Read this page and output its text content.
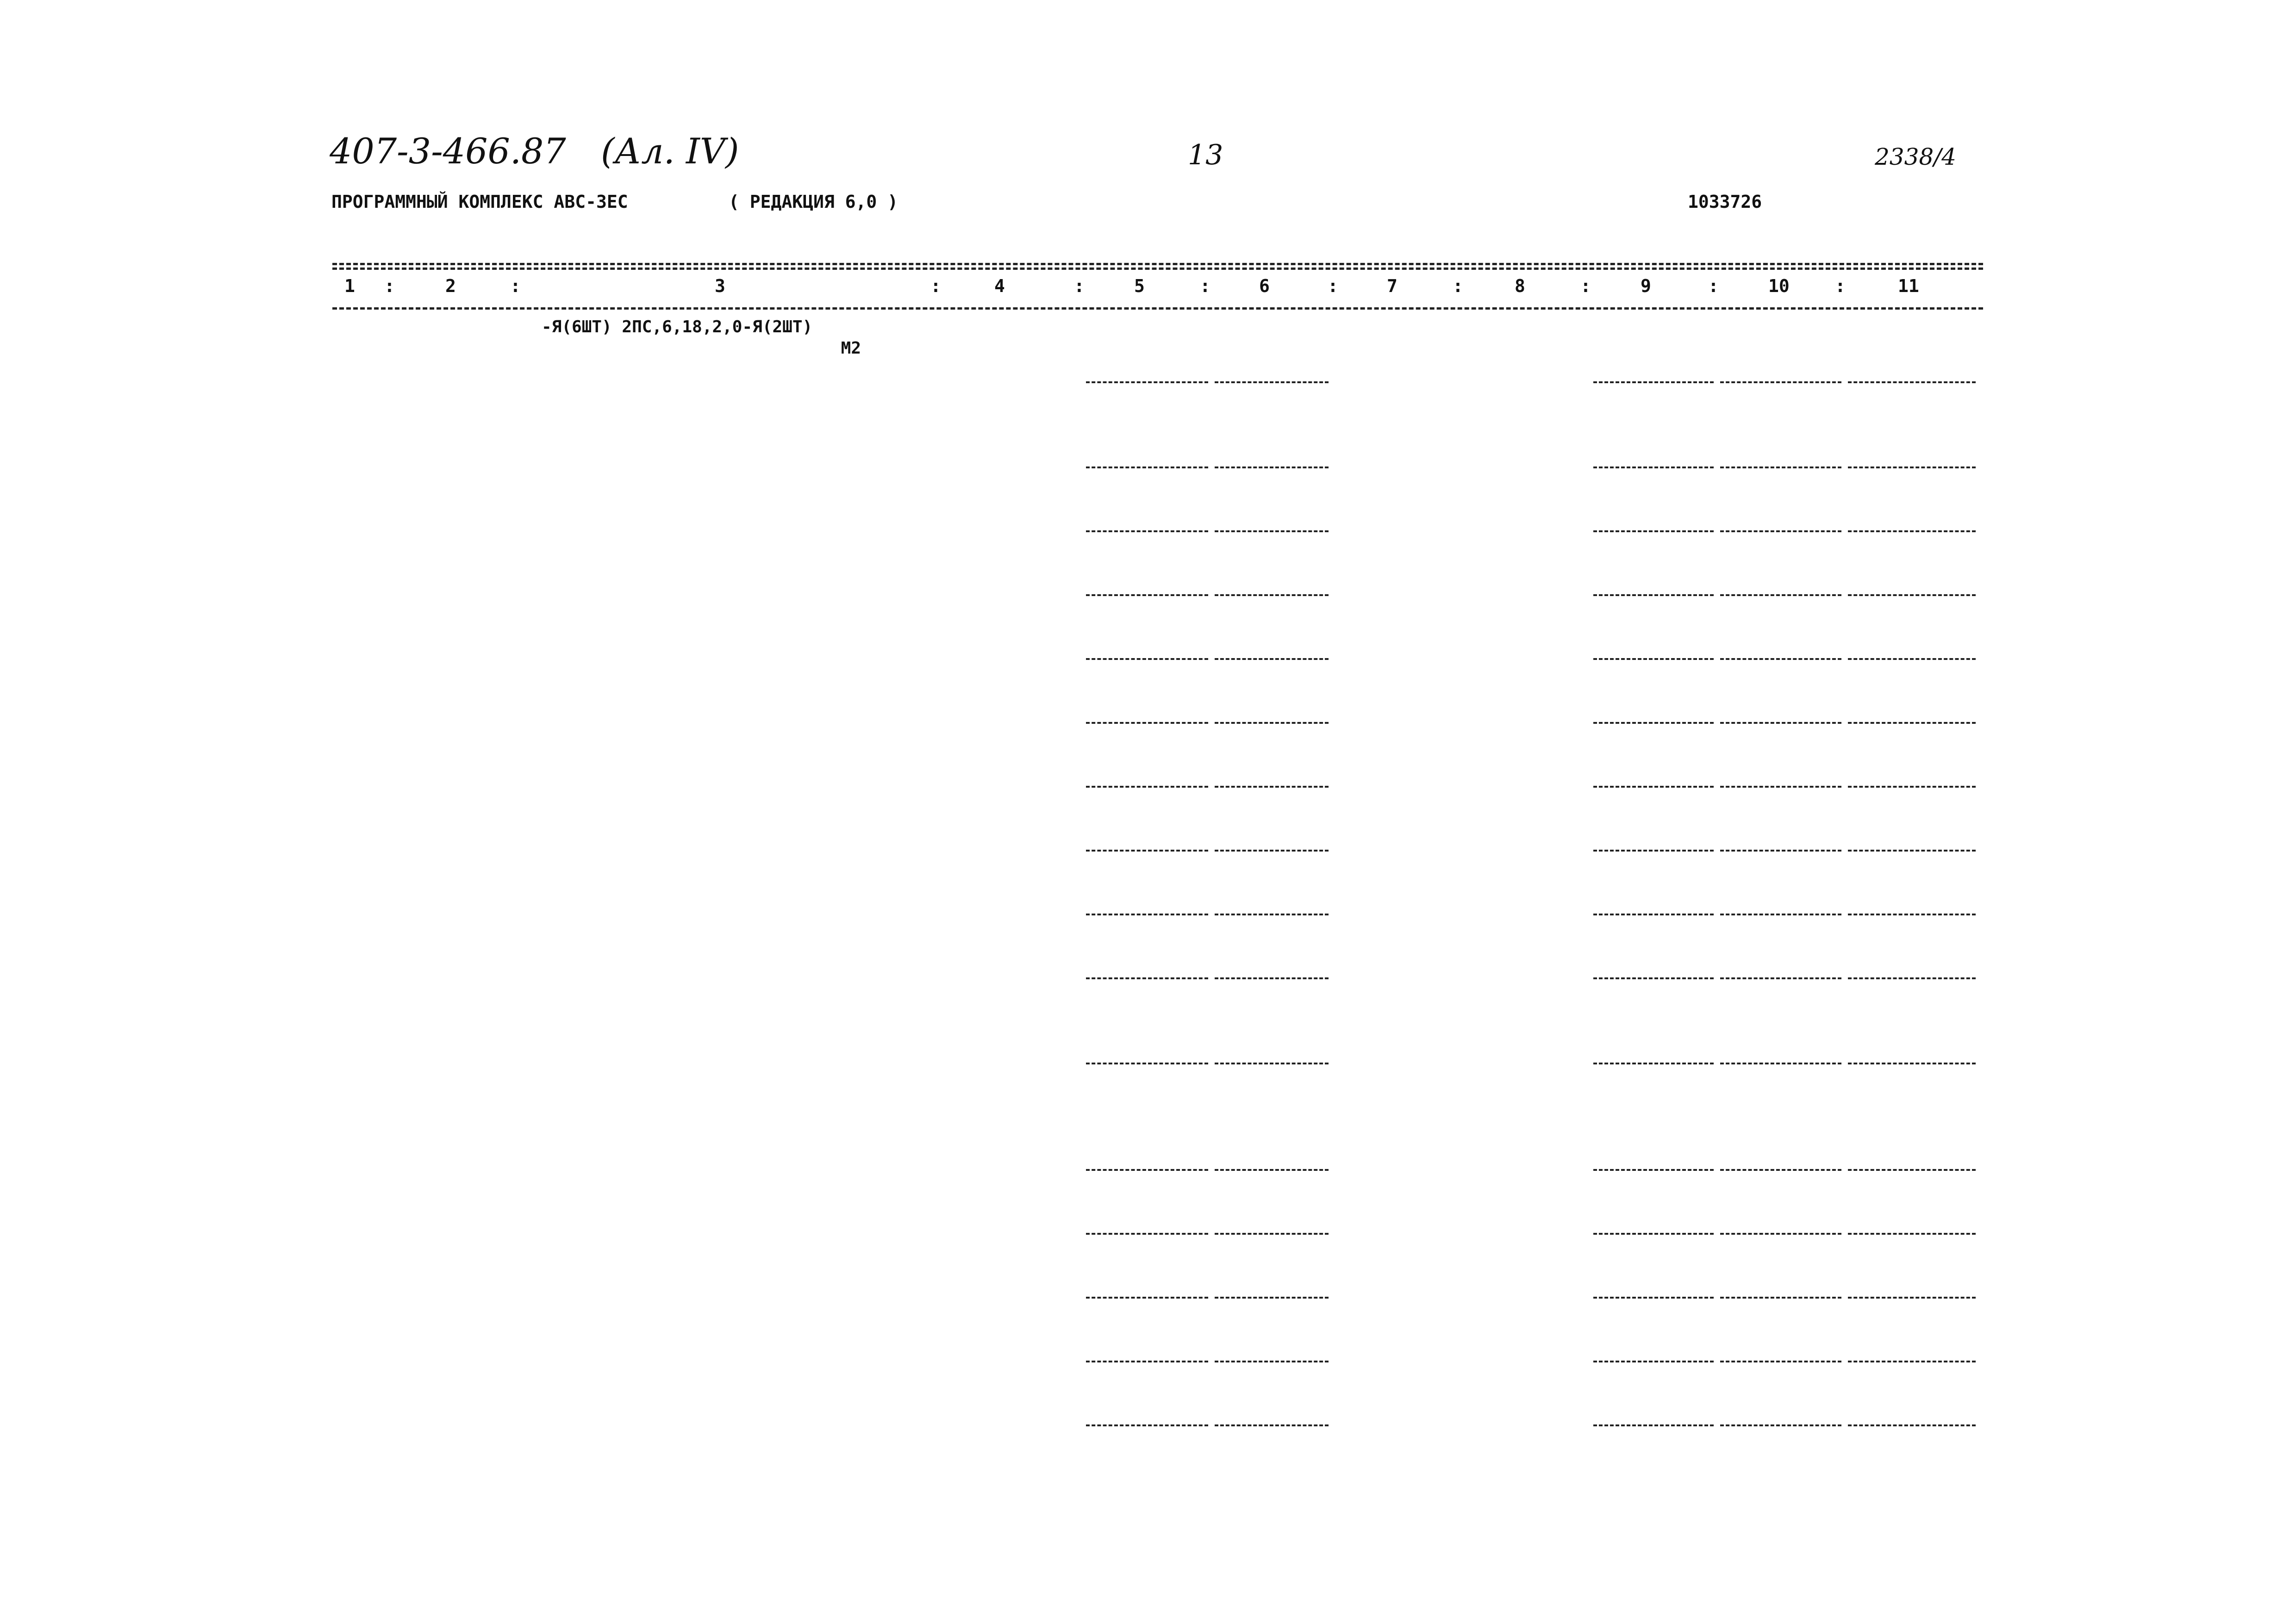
407-3-466.87 (Ал. IV)	13	2338/4
ПРОГРАММНЫЙ КОМПЛЕКС АВС-3ЕС	( РЕДАКЦИЯ 6,0 )	1033726
1 :	2	:	3	:	4	:	5	:	6	:	7	:	8	:	9	:	10	:	11
-Я(6ШТ) 2ПС,6,18,2,0-Я(2ШТ)
М2
